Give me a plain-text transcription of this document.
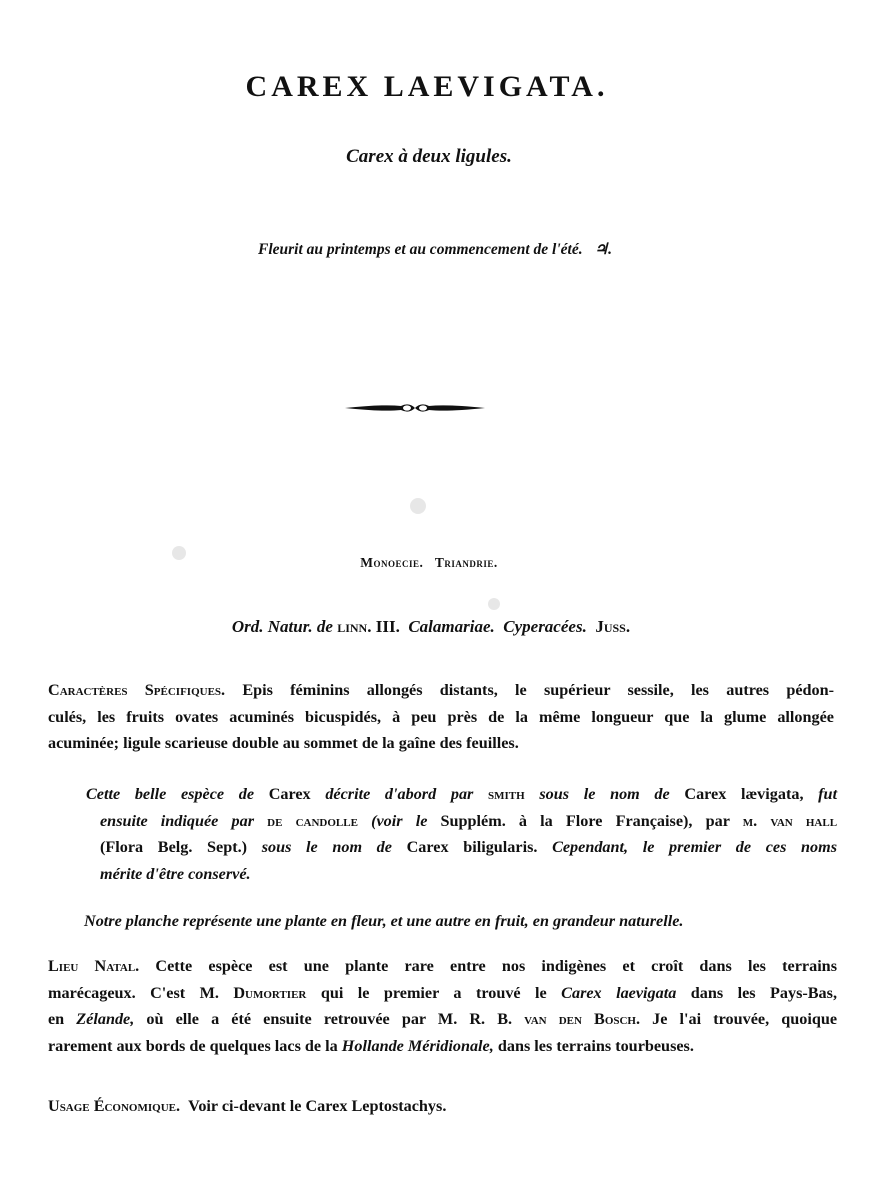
CAREX LAEVIGATA.

Carex à deux ligules.

Fleurit au printemps et au commencement de l'été. ♃.

Monoecie. Triandrie.

Ord. Natur. de linn. III. Calamariae. Cyperacées. Juss.

Caractères Spécifiques. Epis féminins allongés distants, le supérieur sessile, les autres pédon-
culés, les fruits ovates acuminés bicuspidés, à peu près de la même longueur que la glume allongée
acuminée; ligule scarieuse double au sommet de la gaîne des feuilles.
Cette belle espèce de Carex décrite d'abord par smith sous le nom de Carex lævigata, fut
ensuite indiquée par de candolle (voir le Supplém. à la Flore Française), par m. van hall
(Flora Belg. Sept.) sous le nom de Carex biligularis. Cependant, le premier de ces noms
mérite d'être conservé.
Notre planche représente une plante en fleur, et une autre en fruit, en grandeur naturelle.
Lieu Natal. Cette espèce est une plante rare entre nos indigènes et croît dans les terrains
marécageux. C'est M. Dumortier qui le premier a trouvé le Carex laevigata dans les Pays-Bas,
en Zélande, où elle a été ensuite retrouvée par M. R. B. van den Bosch. Je l'ai trouvée, quoique
rarement aux bords de quelques lacs de la Hollande Méridionale, dans les terrains tourbeuses.
Usage Économique. Voir ci-devant le Carex Leptostachys.
